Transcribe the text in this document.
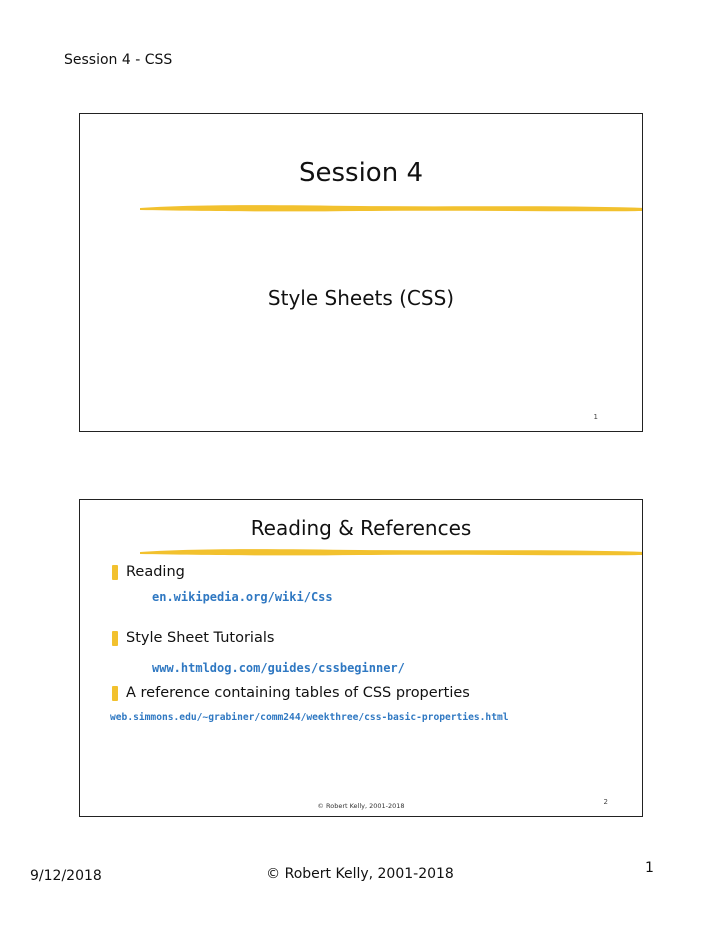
Session 4 - CSS
Session 4
Style Sheets (CSS)
1
Reading & References
Reading
en.wikipedia.org/wiki/Css
Style Sheet Tutorials
www.htmldog.com/guides/cssbeginner/
A reference containing tables of CSS properties
web.simmons.edu/~grabiner/comm244/weekthree/css-basic-properties.html
© Robert Kelly, 2001-2018	2
9/12/2018	© Robert Kelly, 2001-2018	1
